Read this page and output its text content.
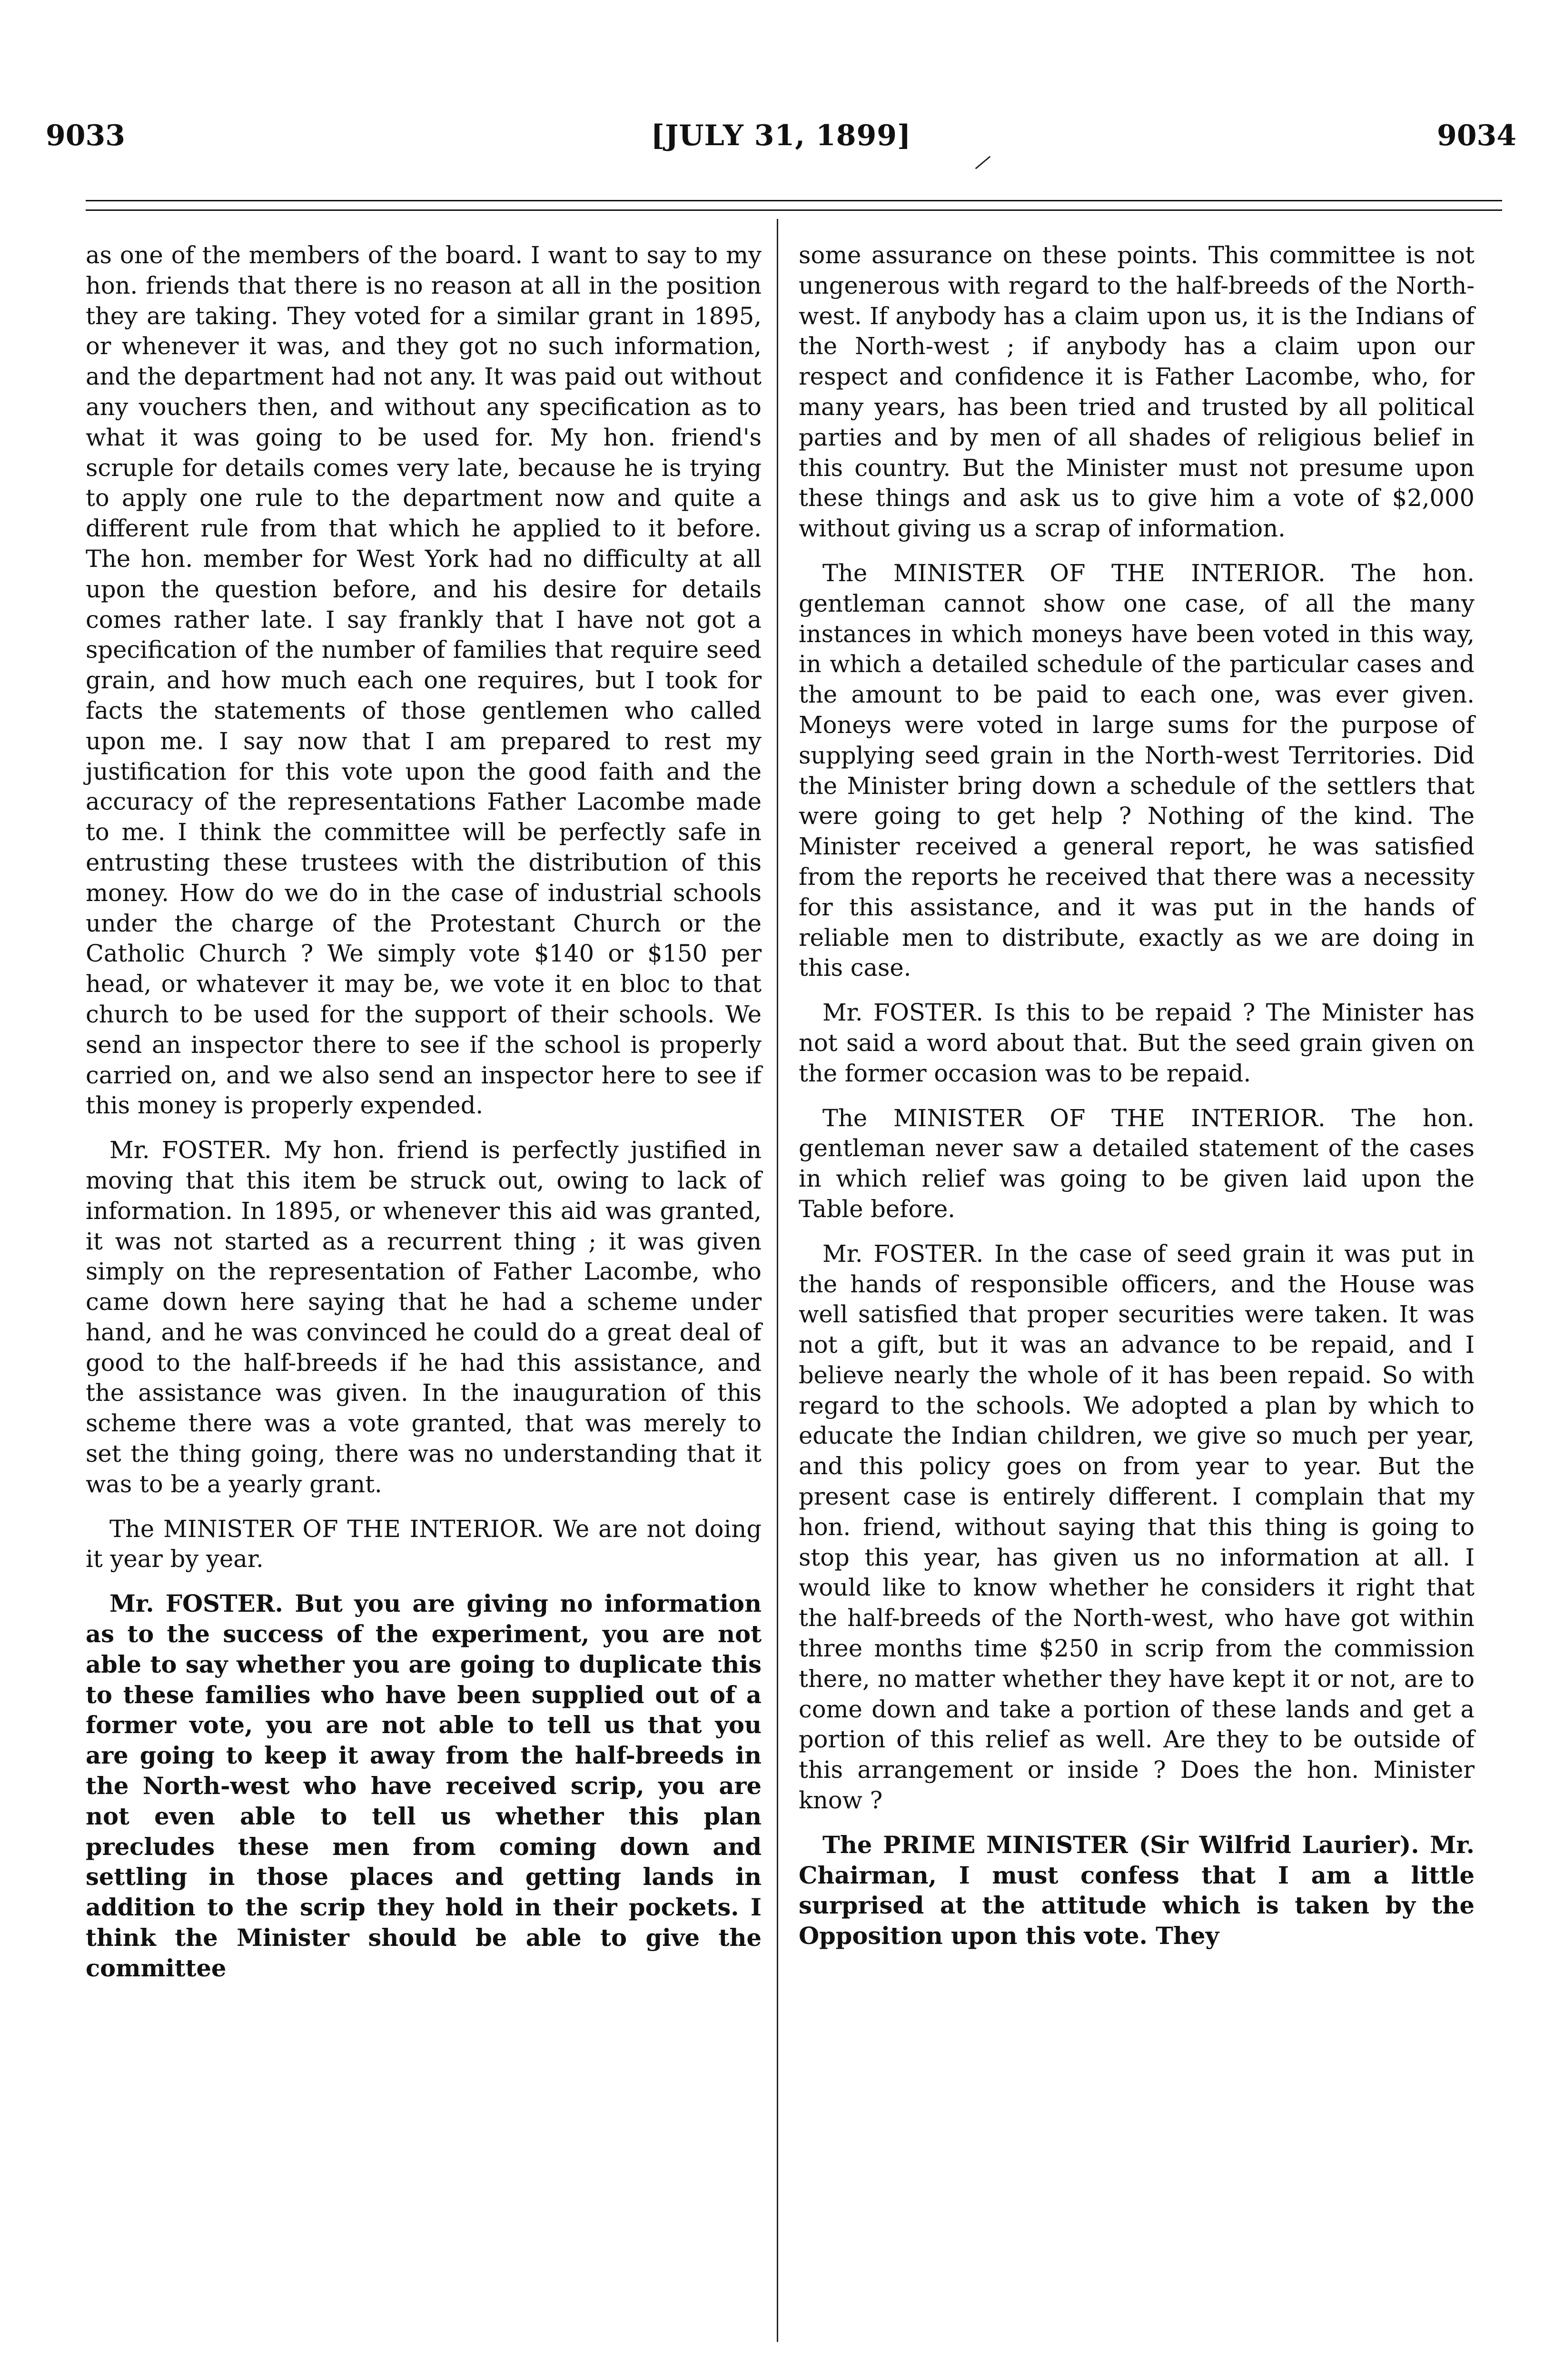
9033	[JULY 31, 1899]	9034

as one of the members of the board. I want to say to my hon. friends that there is no reason at all in the position they are taking. They voted for a similar grant in 1895, or whenever it was, and they got no such information, and the department had not any. It was paid out without any vouchers then, and without any specification as to what it was going to be used for. My hon. friend's scruple for details comes very late, because he is trying to apply one rule to the department now and quite a different rule from that which he applied to it before. The hon. member for West York had no difficulty at all upon the question before, and his desire for details comes rather late. I say frankly that I have not got a specification of the number of families that require seed grain, and how much each one requires, but I took for facts the statements of those gentlemen who called upon me. I say now that I am prepared to rest my justification for this vote upon the good faith and the accuracy of the representations Father Lacombe made to me. I think the committee will be perfectly safe in entrusting these trustees with the distribution of this money. How do we do in the case of industrial schools under the charge of the Protestant Church or the Catholic Church ? We simply vote $140 or $150 per head, or whatever it may be, we vote it en bloc to that church to be used for the support of their schools. We send an inspector there to see if the school is properly carried on, and we also send an inspector here to see if this money is properly expended.

Mr. FOSTER. My hon. friend is perfectly justified in moving that this item be struck out, owing to lack of information. In 1895, or whenever this aid was granted, it was not started as a recurrent thing ; it was given simply on the representation of Father Lacombe, who came down here saying that he had a scheme under hand, and he was convinced he could do a great deal of good to the half-breeds if he had this assistance, and the assistance was given. In the inauguration of this scheme there was a vote granted, that was merely to set the thing going, there was no understanding that it was to be a yearly grant.

The MINISTER OF THE INTERIOR. We are not doing it year by year.

Mr. FOSTER. But you are giving no information as to the success of the experiment, you are not able to say whether you are going to duplicate this to these families who have been supplied out of a former vote, you are not able to tell us that you are going to keep it away from the half-breeds in the North-west who have received scrip, you are not even able to tell us whether this plan precludes these men from coming down and settling in those places and getting lands in addition to the scrip they hold in their pockets. I think the Minister should be able to give the committee

some assurance on these points. This committee is not ungenerous with regard to the half-breeds of the North-west. If anybody has a claim upon us, it is the Indians of the North-west ; if anybody has a claim upon our respect and confidence it is Father Lacombe, who, for many years, has been tried and trusted by all political parties and by men of all shades of religious belief in this country. But the Minister must not presume upon these things and ask us to give him a vote of $2,000 without giving us a scrap of information.

The MINISTER OF THE INTERIOR. The hon. gentleman cannot show one case, of all the many instances in which moneys have been voted in this way, in which a detailed schedule of the particular cases and the amount to be paid to each one, was ever given. Moneys were voted in large sums for the purpose of supplying seed grain in the North-west Territories. Did the Minister bring down a schedule of the settlers that were going to get help ? Nothing of the kind. The Minister received a general report, he was satisfied from the reports he received that there was a necessity for this assistance, and it was put in the hands of reliable men to distribute, exactly as we are doing in this case.

Mr. FOSTER. Is this to be repaid ? The Minister has not said a word about that. But the seed grain given on the former occasion was to be repaid.

The MINISTER OF THE INTERIOR. The hon. gentleman never saw a detailed statement of the cases in which relief was going to be given laid upon the Table before.

Mr. FOSTER. In the case of seed grain it was put in the hands of responsible officers, and the House was well satisfied that proper securities were taken. It was not a gift, but it was an advance to be repaid, and I believe nearly the whole of it has been repaid. So with regard to the schools. We adopted a plan by which to educate the Indian children, we give so much per year, and this policy goes on from year to year. But the present case is entirely different. I complain that my hon. friend, without saying that this thing is going to stop this year, has given us no information at all. I would like to know whether he considers it right that the half-breeds of the North-west, who have got within three months time $250 in scrip from the commission there, no matter whether they have kept it or not, are to come down and take a portion of these lands and get a portion of this relief as well. Are they to be outside of this arrangement or inside ? Does the hon. Minister know ?

The PRIME MINISTER (Sir Wilfrid Laurier). Mr. Chairman, I must confess that I am a little surprised at the attitude which is taken by the Opposition upon this vote. They
